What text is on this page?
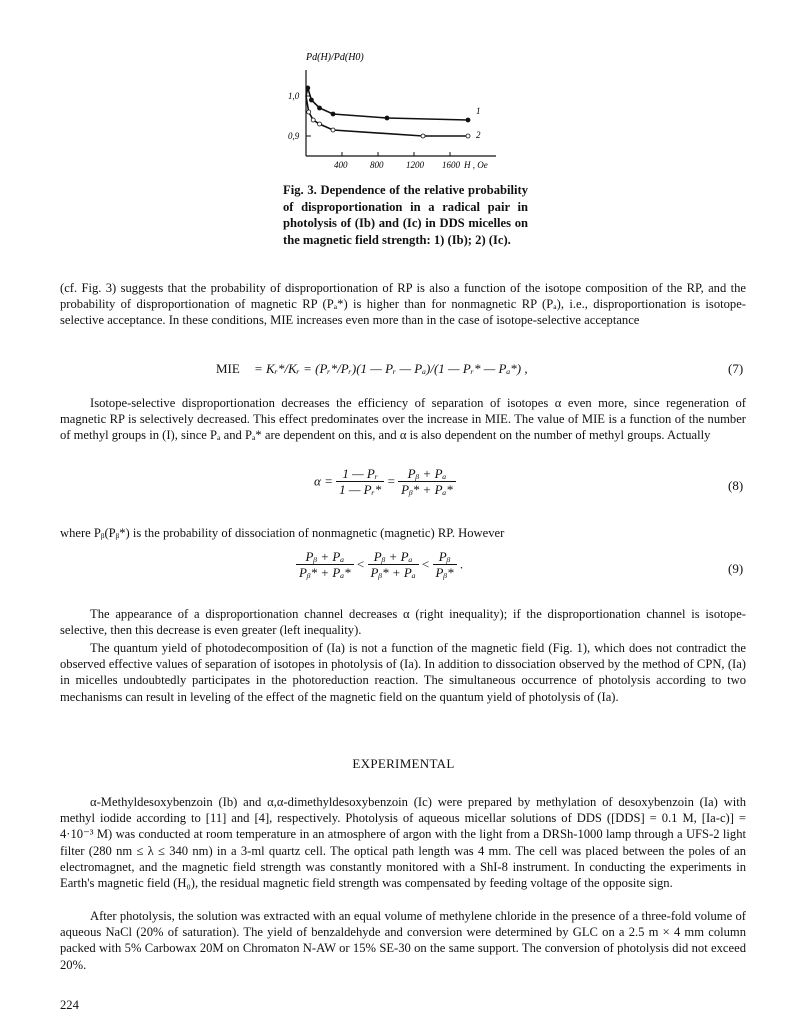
1,0
0,9
400	800	1200 1600 H , Oe
1
2
Pd(H)/Pd(H0)
Fig. 3. Dependence of the relative probability of disproportionation in a radical pair in photolysis of (Ib) and (Ic) in DDS micelles on the magnetic field strength: 1) (Ib); 2) (Ic).
(cf. Fig. 3) suggests that the probability of disproportionation of RP is also a function of the isotope composition of the RP, and the probability of disproportionation of magnetic RP (Pₐ*) is higher than for nonmagnetic RP (Pₐ), i.e., disproportionation is isotope-selective acceptance. In these conditions, MIE increases even more than in the case of isotope-selective acceptance
MIE = Kᵣ*/Kᵣ = (Pᵣ*/Pᵣ)(1 — Pᵣ — Pₐ)/(1 — Pᵣ* — Pₐ*) ,	(7)
Isotope-selective disproportionation decreases the efficiency of separation of isotopes α even more, since regeneration of magnetic RP is selectively decreased. This effect predominates over the increase in MIE. The value of MIE is a function of the number of methyl groups in (I), since Pₐ and Pₐ* are dependent on this, and α is also dependent on the number of methyl groups. Actually
$\alpha = \frac{\text{1 — Pᵣ}}{\text{1 — Pᵣ*}} = \frac{\text{Pᵦ + Pₐ}}{\text{Pᵦ* + Pₐ*}}$	(8)
where Pᵦ(Pᵦ*) is the probability of dissociation of nonmagnetic (magnetic) RP. However
$\frac{\text{Pᵦ + Pₐ}}{\text{Pᵦ* + Pₐ*}} < \frac{\text{Pᵦ + Pₐ}}{\text{Pᵦ* + Pₐ}} < \frac{\text{Pᵦ}}{\text{Pᵦ*}}$ .	(9)
The appearance of a disproportionation channel decreases α (right inequality); if the disproportionation channel is isotope-selective, then this decrease is even greater (left inequality).
The quantum yield of photodecomposition of (Ia) is not a function of the magnetic field (Fig. 1), which does not contradict the observed effective values of separation of isotopes in photolysis of (Ia). In addition to dissociation observed by the method of CPN, (Ia) in micelles undoubtedly participates in the photoreduction reaction. The simultaneous occurrence of photolysis according to two mechanisms can result in leveling of the effect of the magnetic field on the quantum yield of photolysis of (Ia).
EXPERIMENTAL
α-Methyldesoxybenzoin (Ib) and α,α-dimethyldesoxybenzoin (Ic) were prepared by methylation of desoxybenzoin (Ia) with methyl iodide according to [11] and [4], respectively. Photolysis of aqueous micellar solutions of DDS ([DDS] = 0.1 M, [Ia-c)] = 4·10⁻³ M) was conducted at room temperature in an atmosphere of argon with the light from a DRSh-1000 lamp through a UFS-2 light filter (280 nm ≤ λ ≤ 340 nm) in a 3-ml quartz cell. The optical path length was 4 mm. The cell was placed between the poles of an electromagnet, and the magnetic field strength was constantly monitored with a ShI-8 instrument. In conducting the experiments in Earth's magnetic field (H₀), the residual magnetic field strength was compensated by feeding voltage of the opposite sign.
After photolysis, the solution was extracted with an equal volume of methylene chloride in the presence of a three-fold volume of aqueous NaCl (20% of saturation). The yield of benzaldehyde and conversion were determined by GLC on a 2.5 m × 4 mm column packed with 5% Carbowax 20M on Chromaton N-AW or 15% SE-30 on the same support. The conversion of photolysis did not exceed 20%.
224
